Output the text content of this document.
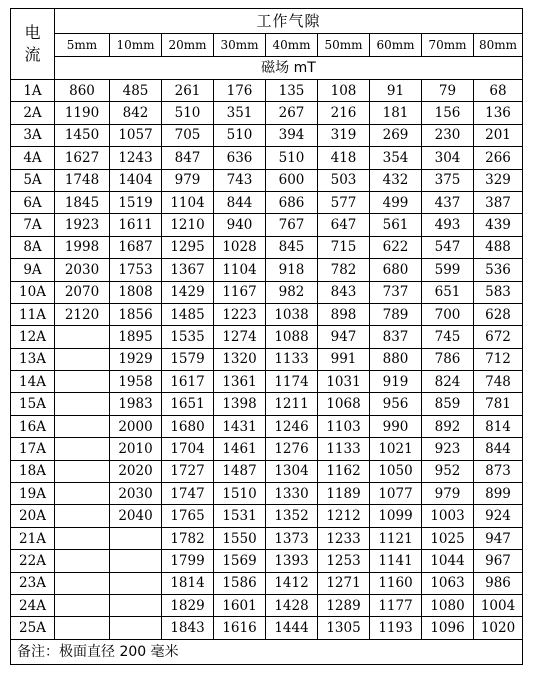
电
流	工作气隙								
	5mm	10mm	20mm	30mm	40mm	50mm	60mm	70mm	80mm
	磁场 mT								
1A	860	485	261	176	135	108	91	79	68
2A	1190	842	510	351	267	216	181	156	136
3A	1450	1057	705	510	394	319	269	230	201
4A	1627	1243	847	636	510	418	354	304	266
5A	1748	1404	979	743	600	503	432	375	329
6A	1845	1519	1104	844	686	577	499	437	387
7A	1923	1611	1210	940	767	647	561	493	439
8A	1998	1687	1295	1028	845	715	622	547	488
9A	2030	1753	1367	1104	918	782	680	599	536
10A	2070	1808	1429	1167	982	843	737	651	583
11A	2120	1856	1485	1223	1038	898	789	700	628
12A		1895	1535	1274	1088	947	837	745	672
13A		1929	1579	1320	1133	991	880	786	712
14A		1958	1617	1361	1174	1031	919	824	748
15A		1983	1651	1398	1211	1068	956	859	781
16A		2000	1680	1431	1246	1103	990	892	814
17A		2010	1704	1461	1276	1133	1021	923	844
18A		2020	1727	1487	1304	1162	1050	952	873
19A		2030	1747	1510	1330	1189	1077	979	899
20A		2040	1765	1531	1352	1212	1099	1003	924
21A			1782	1550	1373	1233	1121	1025	947
22A			1799	1569	1393	1253	1141	1044	967
23A			1814	1586	1412	1271	1160	1063	986
24A			1829	1601	1428	1289	1177	1080	1004
25A			1843	1616	1444	1305	1193	1096	1020
备注：极面直径 200 毫米									
